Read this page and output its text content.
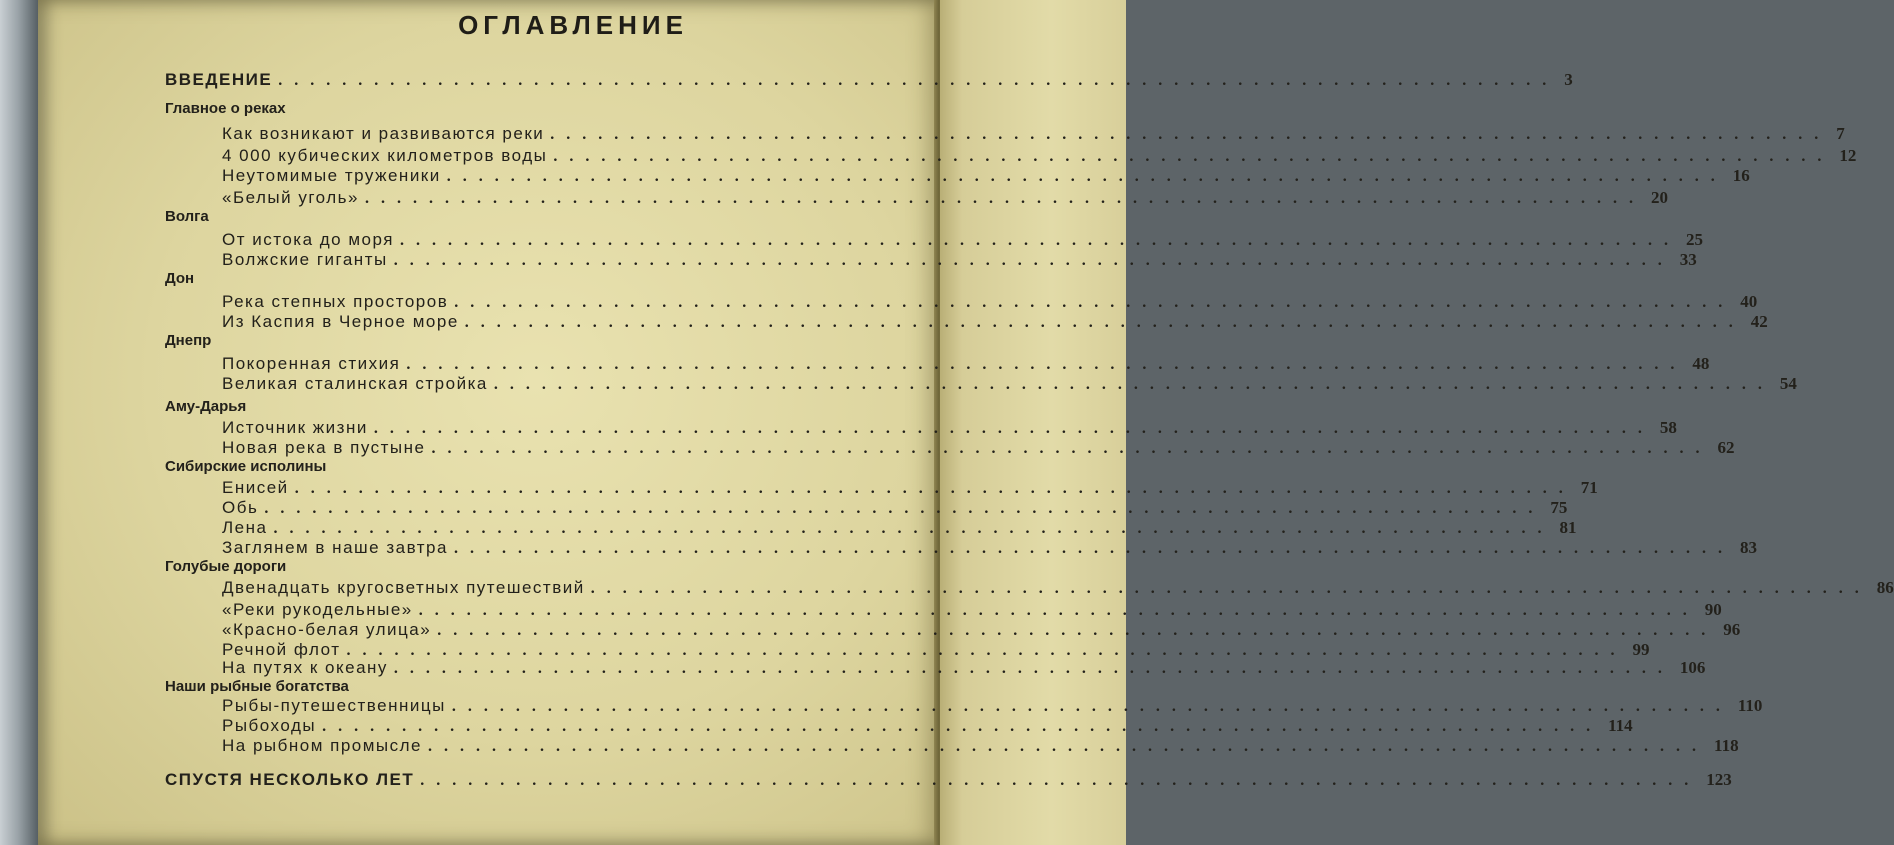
ОГЛАВЛЕНИЕ
ВВЕДЕНИЕ ................................................................................ 3
Главное о реках
Как возникают и развиваются реки ................................................................................ 7
4 000 кубических километров воды ................................................................................ 12
Неутомимые труженики ................................................................................ 16
«Белый уголь» ................................................................................ 20
Волга
От истока до моря ................................................................................ 25
Волжские гиганты ................................................................................ 33
Дон
Река степных просторов ................................................................................ 40
Из Каспия в Черное море ................................................................................ 42
Днепр
Покоренная стихия ................................................................................ 48
Великая сталинская стройка ................................................................................ 54
Аму-Дарья
Источник жизни ................................................................................ 58
Новая река в пустыне ................................................................................ 62
Сибирские исполины
Енисей ................................................................................ 71
Обь ................................................................................ 75
Лена ................................................................................ 81
Заглянем в наше завтра ................................................................................ 83
Голубые дороги
Двенадцать кругосветных путешествий ................................................................................ 86
«Реки рукодельные» ................................................................................ 90
«Красно-белая улица» ................................................................................ 96
Речной флот ................................................................................ 99
На путях к океану ................................................................................ 106
Наши рыбные богатства
Рыбы-путешественницы ................................................................................ 110
Рыбоходы ................................................................................ 114
На рыбном промысле ................................................................................ 118
СПУСТЯ НЕСКОЛЬКО ЛЕТ ................................................................................ 123
